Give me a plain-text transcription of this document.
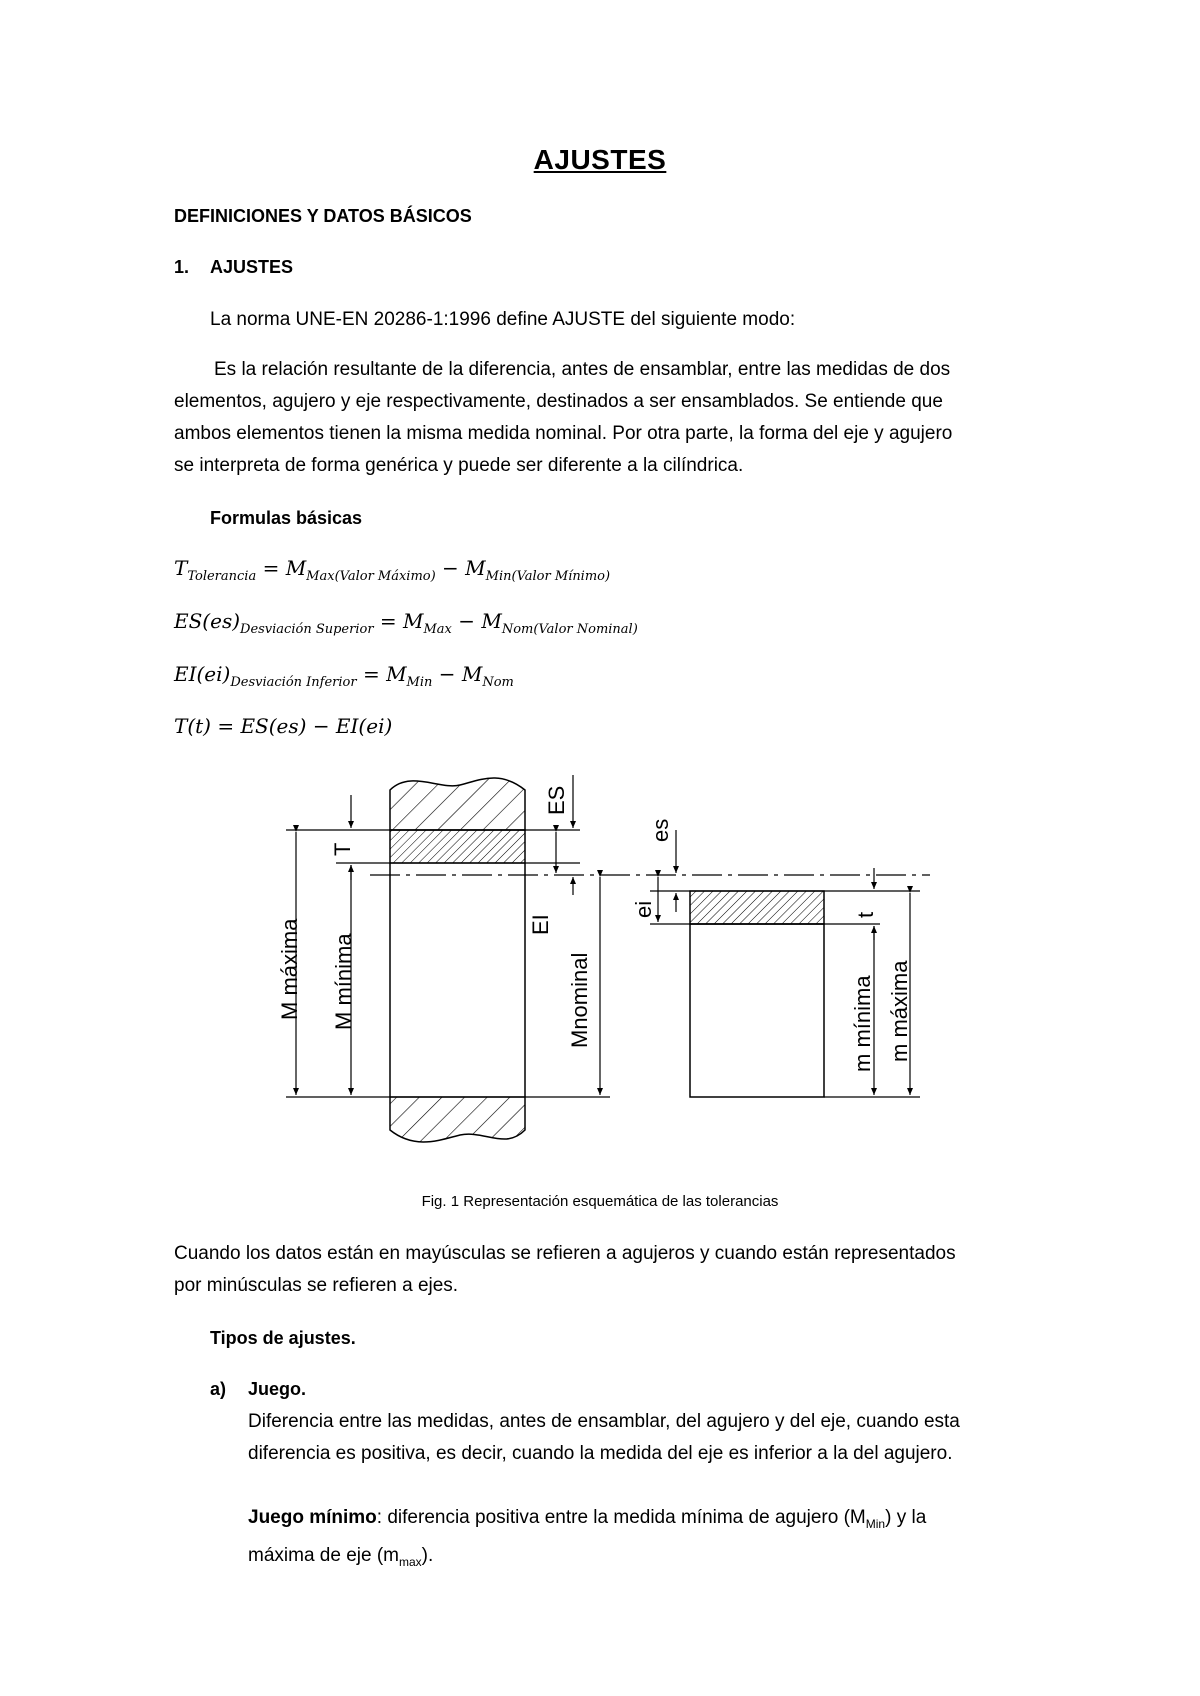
AJUSTES
DEFINICIONES Y DATOS BÁSICOS
1. AJUSTES
La norma UNE-EN 20286-1:1996 define AJUSTE del siguiente modo:
Es la relación resultante de la diferencia, antes de ensamblar, entre las medidas de dos
elementos, agujero y eje respectivamente, destinados a ser ensamblados. Se entiende que
ambos elementos tienen la misma medida nominal. Por otra parte, la forma del eje y agujero
se interpreta de forma genérica y puede ser diferente a la cilíndrica.
Formulas básicas
$T_{Tolerancia} = M_{Max(Valor Máximo)} - M_{Min(Valor Mínimo)}$
$ES(es)_{Desviación Superior} = M_{Max} - M_{Nom(Valor Nominal)}$
$EI(ei)_{Desviación Inferior} = M_{Min} - M_{Nom}$
T(t) = ES(es) − EI(ei)
M máxima M mínima
T
Mnominal
ES
EI
es
ei	t
m mínima m máxima
Fig. 1 Representación esquemática de las tolerancias
Cuando los datos están en mayúsculas se refieren a agujeros y cuando están representados
por minúsculas se refieren a ejes.
Tipos de ajustes.
a) Juego.
Diferencia entre las medidas, antes de ensamblar, del agujero y del eje, cuando esta
diferencia es positiva, es decir, cuando la medida del eje es inferior a la del agujero.
Juego mínimo: diferencia positiva entre la medida mínima de agujero $(M_{Min})$ y la
máxima de eje $(m_{max})$.
